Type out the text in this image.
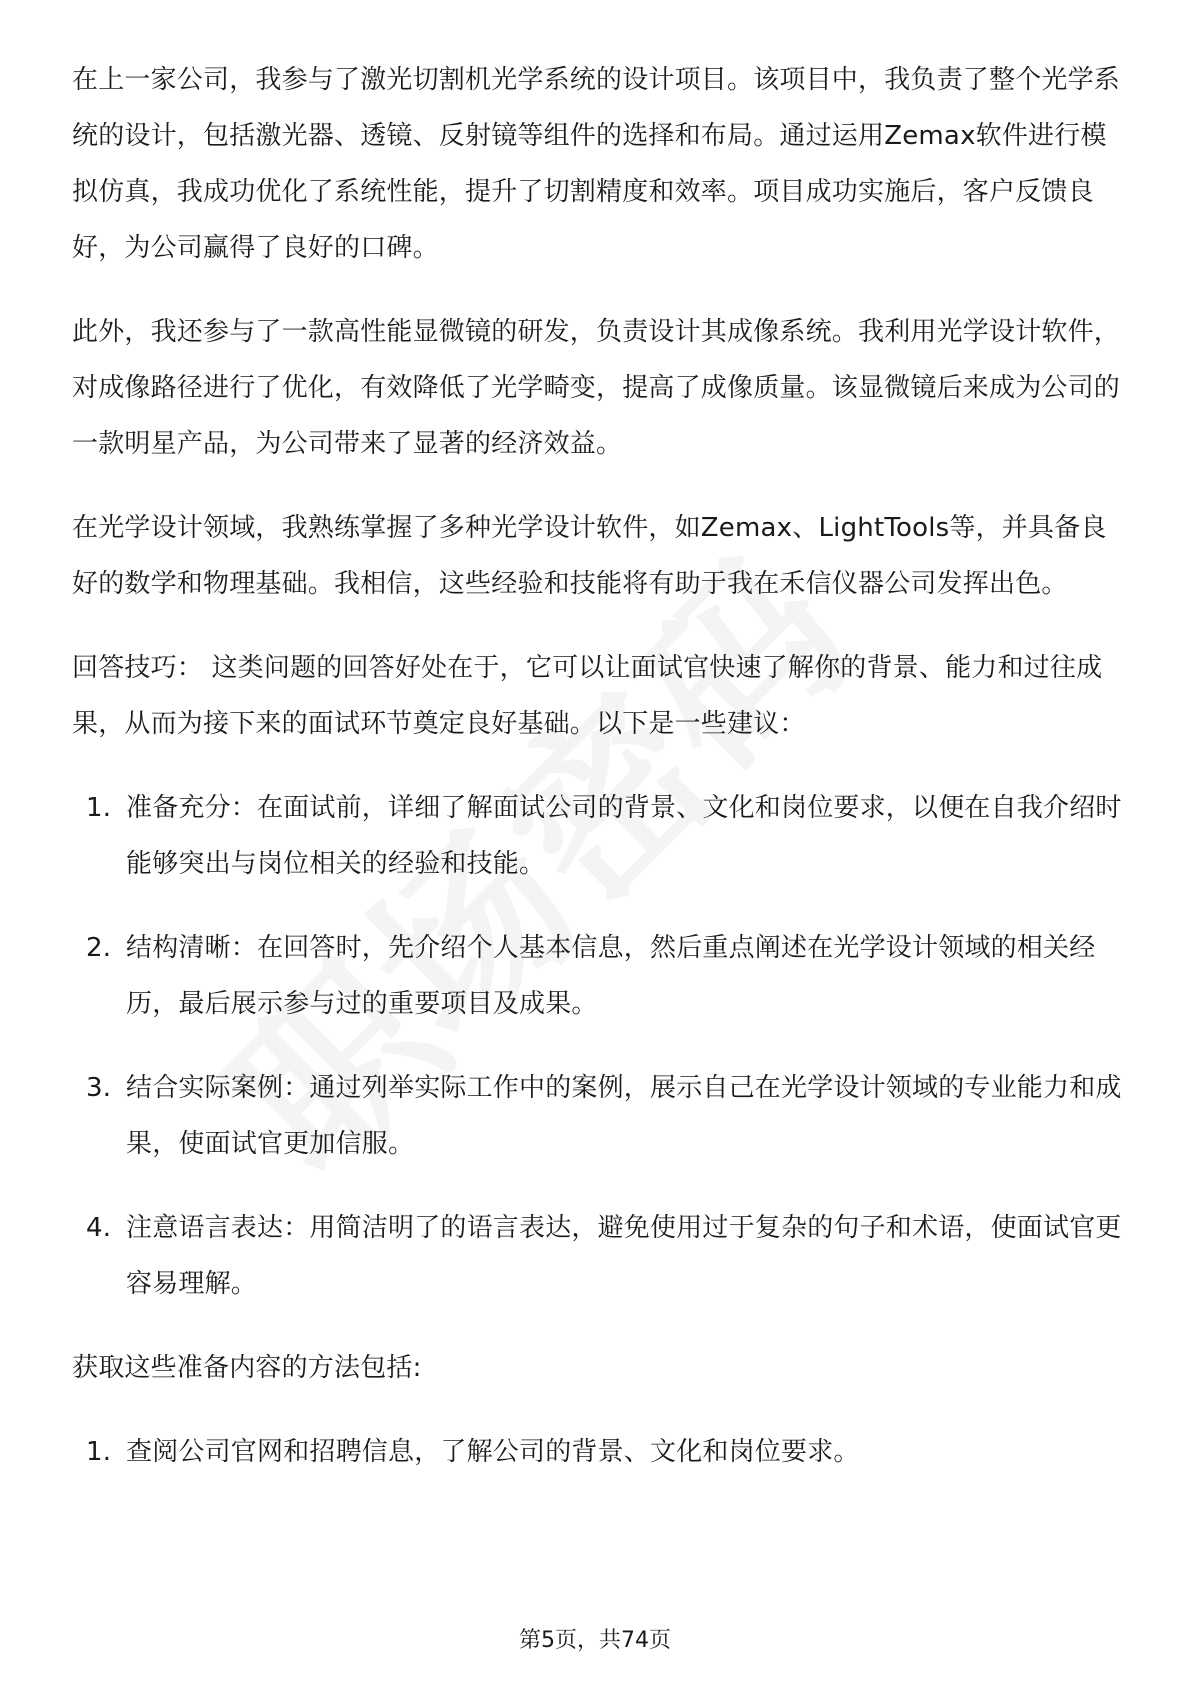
在上一家公司，我参与了激光切割机光学系统的设计项目。该项目中，我负责了整个光学系统的设计，包括激光器、透镜、反射镜等组件的选择和布局。通过运用Zemax软件进行模拟仿真，我成功优化了系统性能，提升了切割精度和效率。项目成功实施后，客户反馈良好，为公司赢得了良好的口碑。

此外，我还参与了一款高性能显微镜的研发，负责设计其成像系统。我利用光学设计软件，对成像路径进行了优化，有效降低了光学畸变，提高了成像质量。该显微镜后来成为公司的一款明星产品，为公司带来了显著的经济效益。

在光学设计领域，我熟练掌握了多种光学设计软件，如Zemax、LightTools等，并具备良好的数学和物理基础。我相信，这些经验和技能将有助于我在禾信仪器公司发挥出色。

回答技巧： 这类问题的回答好处在于，它可以让面试官快速了解你的背景、能力和过往成果，从而为接下来的面试环节奠定良好基础。以下是一些建议：

1. 准备充分：在面试前，详细了解面试公司的背景、文化和岗位要求，以便在自我介绍时能够突出与岗位相关的经验和技能。
2. 结构清晰：在回答时，先介绍个人基本信息，然后重点阐述在光学设计领域的相关经历，最后展示参与过的重要项目及成果。
3. 结合实际案例：通过列举实际工作中的案例，展示自己在光学设计领域的专业能力和成果，使面试官更加信服。
4. 注意语言表达：用简洁明了的语言表达，避免使用过于复杂的句子和术语，使面试官更容易理解。

获取这些准备内容的方法包括:

1. 查阅公司官网和招聘信息，了解公司的背景、文化和岗位要求。
第5页，共74页
